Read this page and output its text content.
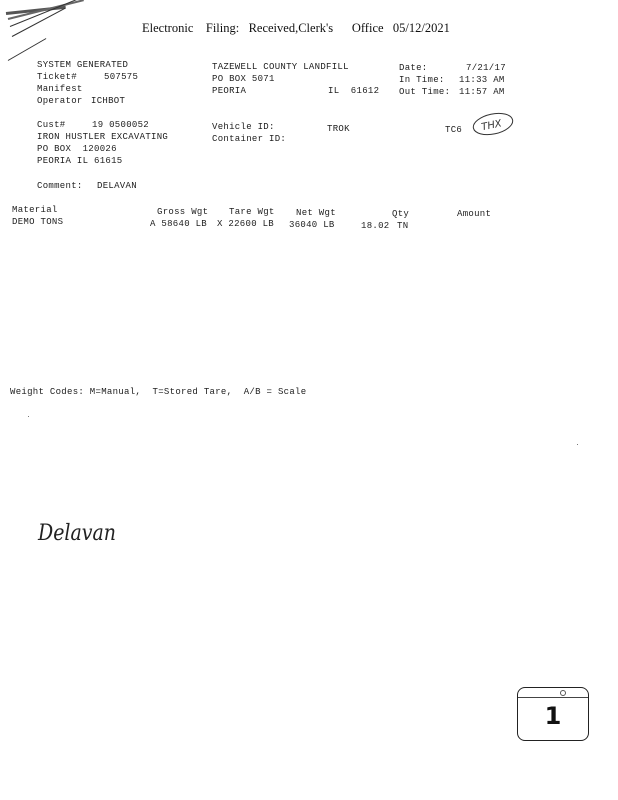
Electronic    Filing:   Received,Clerk's      Office   05/12/2021
SYSTEM GENERATED
Ticket#	507575
Manifest
Operator ICHBOT
TAZEWELL COUNTY LANDFILL
PO BOX 5071
PEORIA	IL  61612
Date:	7/21/17
In Time: 11:33 AM
Out Time: 11:57 AM
Cust#	19 0500052
IRON HUSTLER EXCAVATING
PO BOX  120026
PEORIA IL 61615
Vehicle ID:	TROK
Container ID:
TC6 THX
Comment: DELAVAN
Material	Gross Wgt Tare Wgt Net Wgt	Qty	Amount
DEMO TONS	A 58640 LB X 22600 LB 36040 LB	18.02 TN
Weight Codes: M=Manual,  T=Stored Tare,  A/B = Scale
Delavan
1
